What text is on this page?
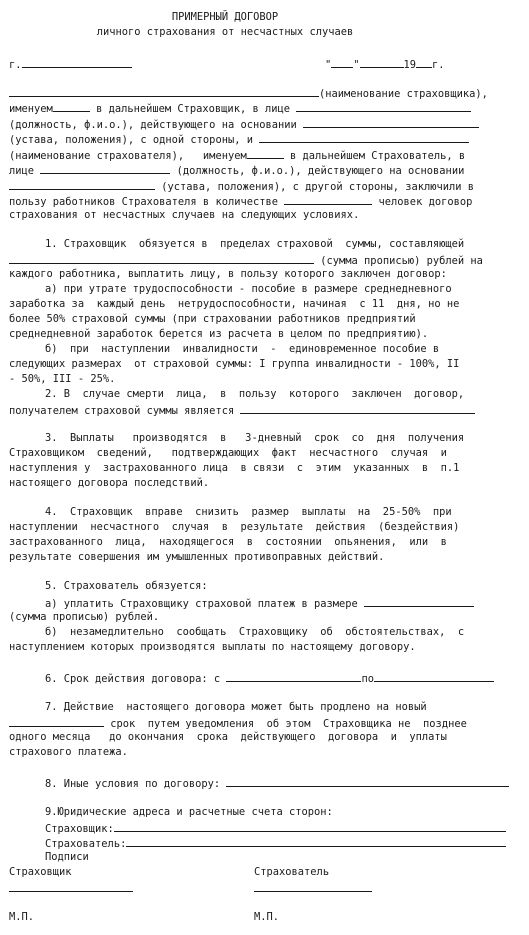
ПРИМЕРНЫЙ ДОГОВОР
личного страхования от несчастных случаев
г.	" "	19 г.
(наименование страховщика),
именуем	в дальнейшем Страховщик, в лице
(должность, ф.и.о.), действующего на основании
(устава, положения), с одной стороны, и
(наименование страхователя),   именуем	в дальнейшем Страхователь, в
лице	(должность, ф.и.о.), действующего на основании
(устава, положения), с другой стороны, заключили в
пользу работников Страхователя в количестве	человек договор
страхования от несчастных случаев на следующих условиях.
1. Страховщик  обязуется в  пределах страховой  суммы, составляющей
(сумма прописью) рублей на
каждого работника, выплатить лицу, в пользу которого заключен договор:
а) при утрате трудоспособности - пособие в размере среднедневного
заработка за  каждый день  нетрудоспособности, начиная  с 11  дня, но не
более 50% страховой суммы (при страховании работников предприятий
среднедневной заработок берется из расчета в целом по предприятию).
б)  при  наступлении  инвалидности  -  единовременное пособие в
следующих размерах  от страховой суммы: I группа инвалидности - 100%, II
- 50%, III - 25%.
2. В  случае смерти  лица,  в  пользу  которого  заключен  договор,
получателем страховой суммы является
3.  Выплаты   производятся  в   3-дневный  срок  со  дня  получения
Страховщиком  сведений,   подтверждающих  факт  несчастного  случая  и
наступления у  застрахованного лица  в связи  с  этим  указанных  в  п.1
настоящего договора последствий.
4.  Страховщик  вправе  снизить  размер  выплаты  на  25-50%  при
наступлении  несчастного  случая  в  результате  действия  (бездействия)
застрахованного  лица,  находящегося  в  состоянии  опьянения,  или  в
результате совершения им умышленных противоправных действий.
5. Страхователь обязуется:
а) уплатить Страховщику страховой платеж в размере
(сумма прописью) рублей.
б)  незамедлительно  сообщать  Страховщику  об  обстоятельствах,  с
наступлением которых производятся выплаты по настоящему договору.
6. Срок действия договора: с	по
7. Действие  настоящего договора может быть продлено на новый
срок  путем уведомления  об этом  Страховщика не  позднее
одного месяца   до окончания  срока  действующего  договора  и  уплаты
страхового платежа.
8. Иные условия по договору:
9.Юридические адреса и расчетные счета сторон:
Страховщик:
Страхователь:
Подписи
Страховщик	Страхователь
М.П.	М.П.
